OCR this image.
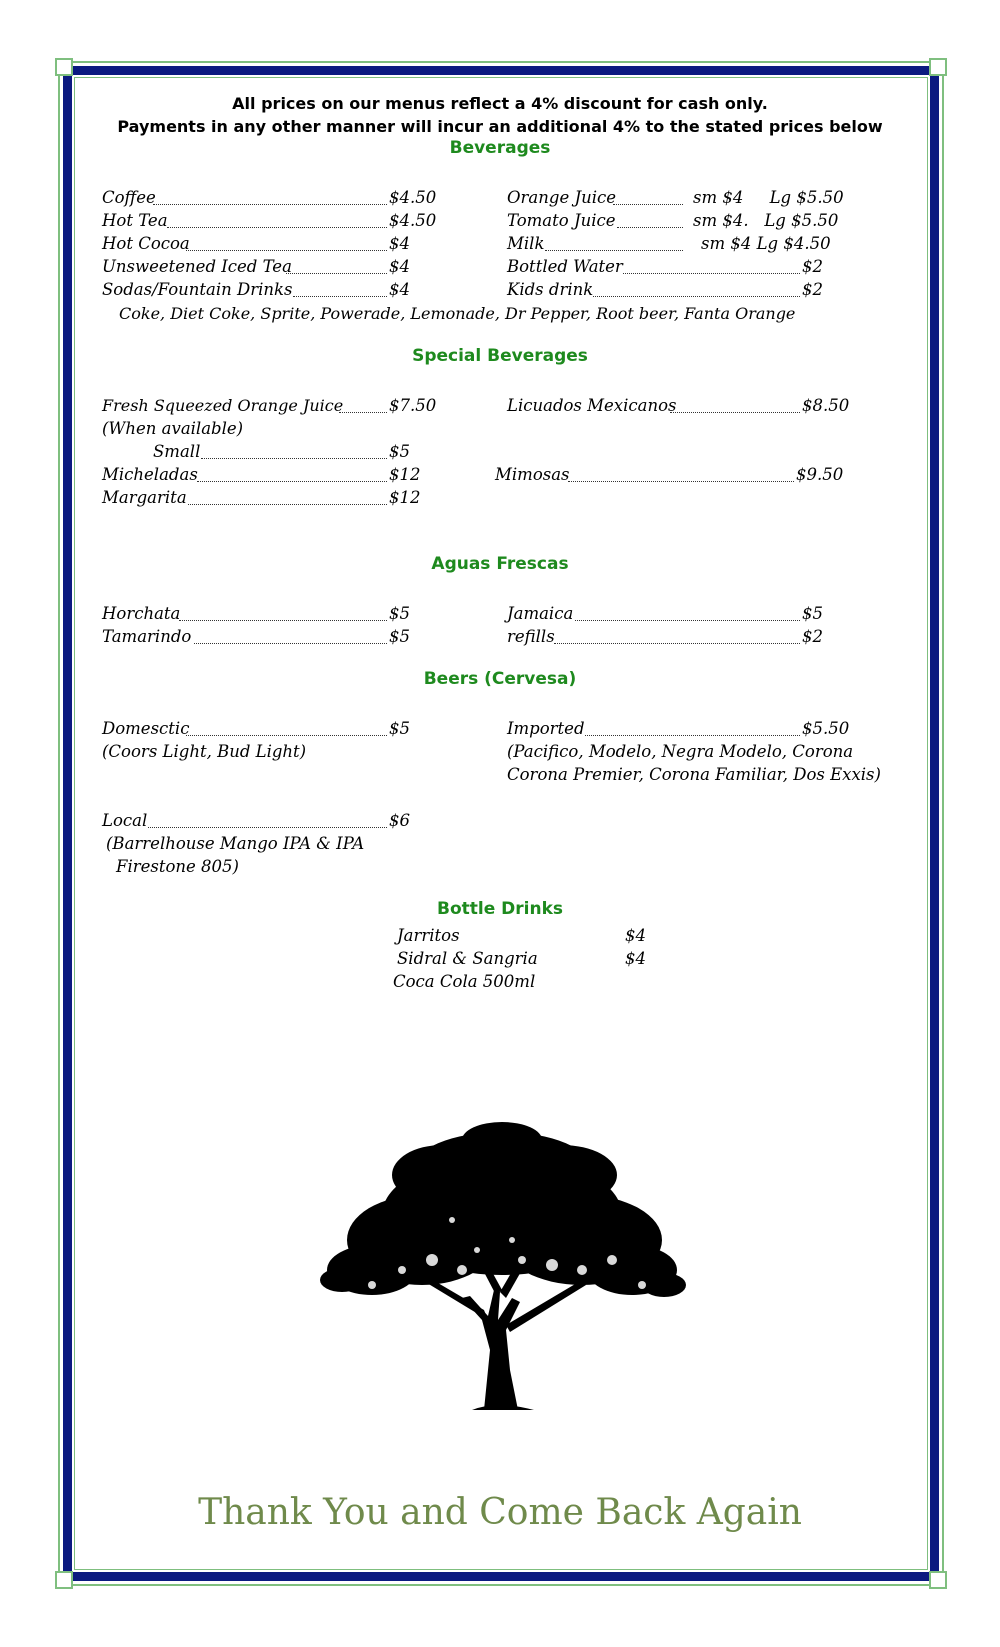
All prices on our menus reflect a 4% discount for cash only.
Payments in any other manner will incur an additional 4% to the stated prices below
Beverages
Coffee	$4.50
Hot Tea	$4.50
Hot Cocoa	$4
Unsweetened Iced Tea	$4
Sodas/Fountain Drinks	$4
Orange Juice	sm $4     Lg $5.50
Tomato Juice	sm $4.   Lg $5.50
Milk	sm $4 Lg $4.50
Bottled Water	$2
Kids drink	$2
Coke, Diet Coke, Sprite, Powerade, Lemonade, Dr Pepper, Root beer, Fanta Orange
Special Beverages
Fresh Squeezed Orange Juice	$7.50
(When available)
Small	$5
Micheladas	$12
Margarita	$12
Licuados Mexicanos	$8.50
Mimosas	$9.50
Aguas Frescas
Horchata	$5
Tamarindo	$5
Jamaica	$5
refills	$2
Beers (Cervesa)
Domesctic	$5
(Coors Light, Bud Light)
Imported	$5.50
(Pacifico, Modelo, Negra Modelo, Corona
Corona Premier, Corona Familiar, Dos Exxis)
Local	$6
(Barrelhouse Mango IPA & IPA
Firestone 805)
Bottle Drinks
Jarritos	$4
Sidral & Sangria	$4
Coca Cola 500ml
Thank You and Come Back Again
